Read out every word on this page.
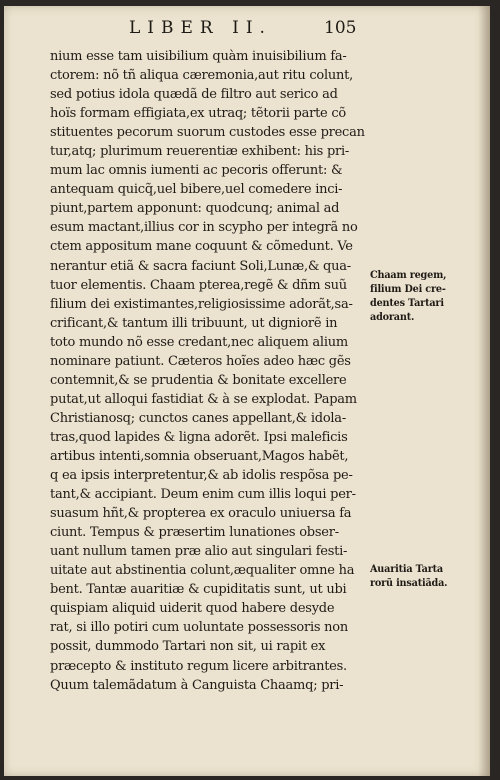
LIBER II.	105
nium esse tam uisibilium quàm inuisibilium fa-
ctorem: nõ tñ aliqua cæremonia,aut ritu colunt,
sed potius idola quædã de filtro aut serico ad
hoïs formam effigiata,ex utraq; tẽtorii parte cõ
stituentes pecorum suorum custodes esse precan
tur,atq; plurimum reuerentiæ exhibent: his pri-
mum lac omnis iumenti ac pecoris offerunt: &
antequam quicq̃,uel bibere,uel comedere inci-
piunt,partem apponunt: quodcunq; animal ad
esum mactant,illius cor in scypho per integrã no
ctem appositum mane coquunt & cõmedunt. Ve
nerantur etiã & sacra faciunt Soli,Lunæ,& qua-
tuor elementis. Chaam pterea,regẽ & dñm suũ
filium dei existimantes,religiosissime adorãt,sa-
crificant,& tantum illi tribuunt, ut digniorẽ in
toto mundo nõ esse credant,nec aliquem alium
nominare patiunt. Cæteros hoĩes adeo hæc gẽs
contemnit,& se prudentia & bonitate excellere
putat,ut alloqui fastidiat & à se explodat. Papam
Christianosq; cunctos canes appellant,& idola-
tras,quod lapides & ligna adorẽt. Ipsi maleficis
artibus intenti,somnia obseruant,Magos habẽt,
q ea ipsis interpretentur,& ab idolis respõsa pe-
tant,& accipiant. Deum enim cum illis loqui per-
suasum hñt,& propterea ex oraculo uniuersa fa
ciunt. Tempus & præsertim lunationes obser-
uant nullum tamen præ alio aut singulari festi-
uitate aut abstinentia colunt,æqualiter omne ha
bent. Tantæ auaritiæ & cupiditatis sunt, ut ubi
quispiam aliquid uiderit quod habere desyde
rat, si illo potiri cum uoluntate possessoris non
possit, dummodo Tartari non sit, ui rapit ex
præcepto & instituto regum licere arbitrantes.
Quum talemãdatum à Canguista Chaamq; pri-
Chaam regem,
filium Dei cre-
dentes Tartari
adorant.
Auaritia Tarta
rorũ insatiãda.
